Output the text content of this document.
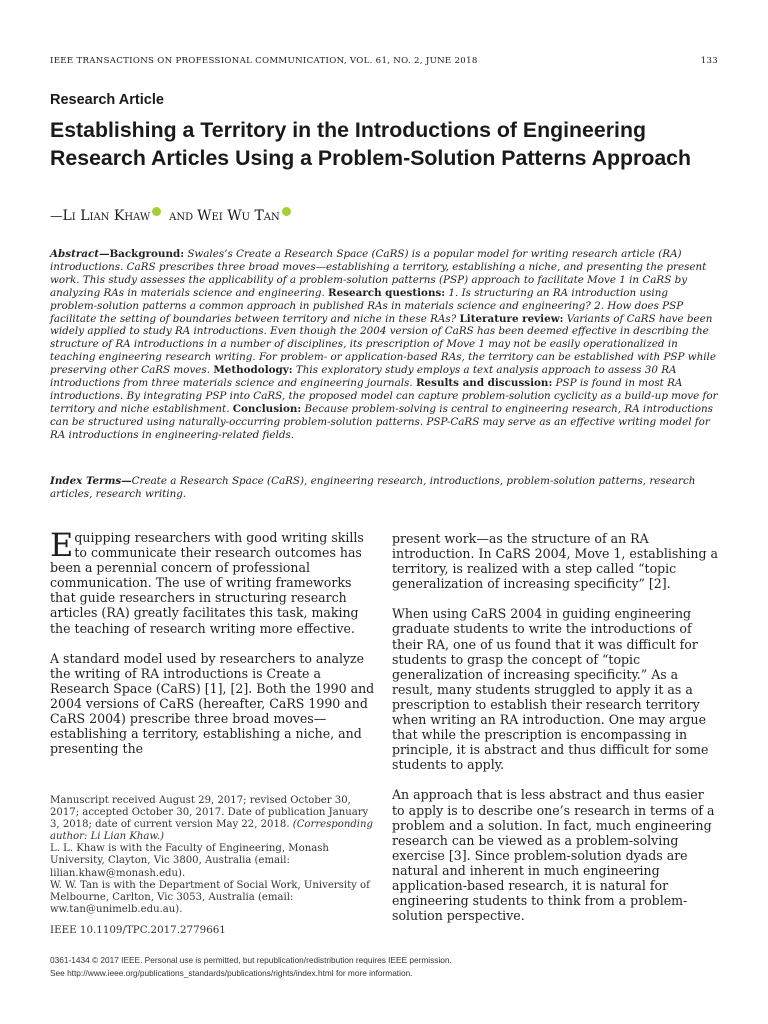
IEEE TRANSACTIONS ON PROFESSIONAL COMMUNICATION, VOL. 61, NO. 2, JUNE 2018	133
Research Article
Establishing a Territory in the Introductions of Engineering Research Articles Using a Problem-Solution Patterns Approach
—Li Lian Khaw and Wei Wu Tan
Abstract—Background: Swales’s Create a Research Space (CaRS) is a popular model for writing research article (RA) introductions. CaRS prescribes three broad moves—establishing a territory, establishing a niche, and presenting the present work. This study assesses the applicability of a problem-solution patterns (PSP) approach to facilitate Move 1 in CaRS by analyzing RAs in materials science and engineering. Research questions: 1. Is structuring an RA introduction using problem-solution patterns a common approach in published RAs in materials science and engineering? 2. How does PSP facilitate the setting of boundaries between territory and niche in these RAs? Literature review: Variants of CaRS have been widely applied to study RA introductions. Even though the 2004 version of CaRS has been deemed effective in describing the structure of RA introductions in a number of disciplines, its prescription of Move 1 may not be easily operationalized in teaching engineering research writing. For problem- or application-based RAs, the territory can be established with PSP while preserving other CaRS moves. Methodology: This exploratory study employs a text analysis approach to assess 30 RA introductions from three materials science and engineering journals. Results and discussion: PSP is found in most RA introductions. By integrating PSP into CaRS, the proposed model can capture problem-solution cyclicity as a build-up move for territory and niche establishment. Conclusion: Because problem-solving is central to engineering research, RA introductions can be structured using naturally-occurring problem-solution patterns. PSP-CaRS may serve as an effective writing model for RA introductions in engineering-related fields.
Index Terms—Create a Research Space (CaRS), engineering research, introductions, problem-solution patterns, research articles, research writing.

Equipping researchers with good writing skills to communicate their research outcomes has been a perennial concern of professional communication. The use of writing frameworks that guide researchers in structuring research articles (RA) greatly facilitates this task, making the teaching of research writing more effective.

A standard model used by researchers to analyze the writing of RA introductions is Create a Research Space (CaRS) [1], [2]. Both the 1990 and 2004 versions of CaRS (hereafter, CaRS 1990 and CaRS 2004) prescribe three broad moves—establishing a territory, establishing a niche, and presenting the

present work—as the structure of an RA introduction. In CaRS 2004, Move 1, establishing a territory, is realized with a step called “topic generalization of increasing specificity” [2].

When using CaRS 2004 in guiding engineering graduate students to write the introductions of their RA, one of us found that it was difficult for students to grasp the concept of “topic generalization of increasing specificity.” As a result, many students struggled to apply it as a prescription to establish their research territory when writing an RA introduction. One may argue that while the prescription is encompassing in principle, it is abstract and thus difficult for some students to apply.

An approach that is less abstract and thus easier to apply is to describe one’s research in terms of a problem and a solution. In fact, much engineering research can be viewed as a problem-solving exercise [3]. Since problem-solution dyads are natural and inherent in much engineering application-based research, it is natural for engineering students to think from a problem-solution perspective.

Manuscript received August 29, 2017; revised October 30, 2017; accepted October 30, 2017. Date of publication January 3, 2018; date of current version May 22, 2018. (Corresponding author: Li Lian Khaw.)

L. L. Khaw is with the Faculty of Engineering, Monash University, Clayton, Vic 3800, Australia (email: lilian.khaw@monash.edu).

W. W. Tan is with the Department of Social Work, University of Melbourne, Carlton, Vic 3053, Australia (email: ww.tan@unimelb.edu.au).

IEEE 10.1109/TPC.2017.2779661
0361-1434 © 2017 IEEE. Personal use is permitted, but republication/redistribution requires IEEE permission.
See http://www.ieee.org/publications_standards/publications/rights/index.html for more information.
